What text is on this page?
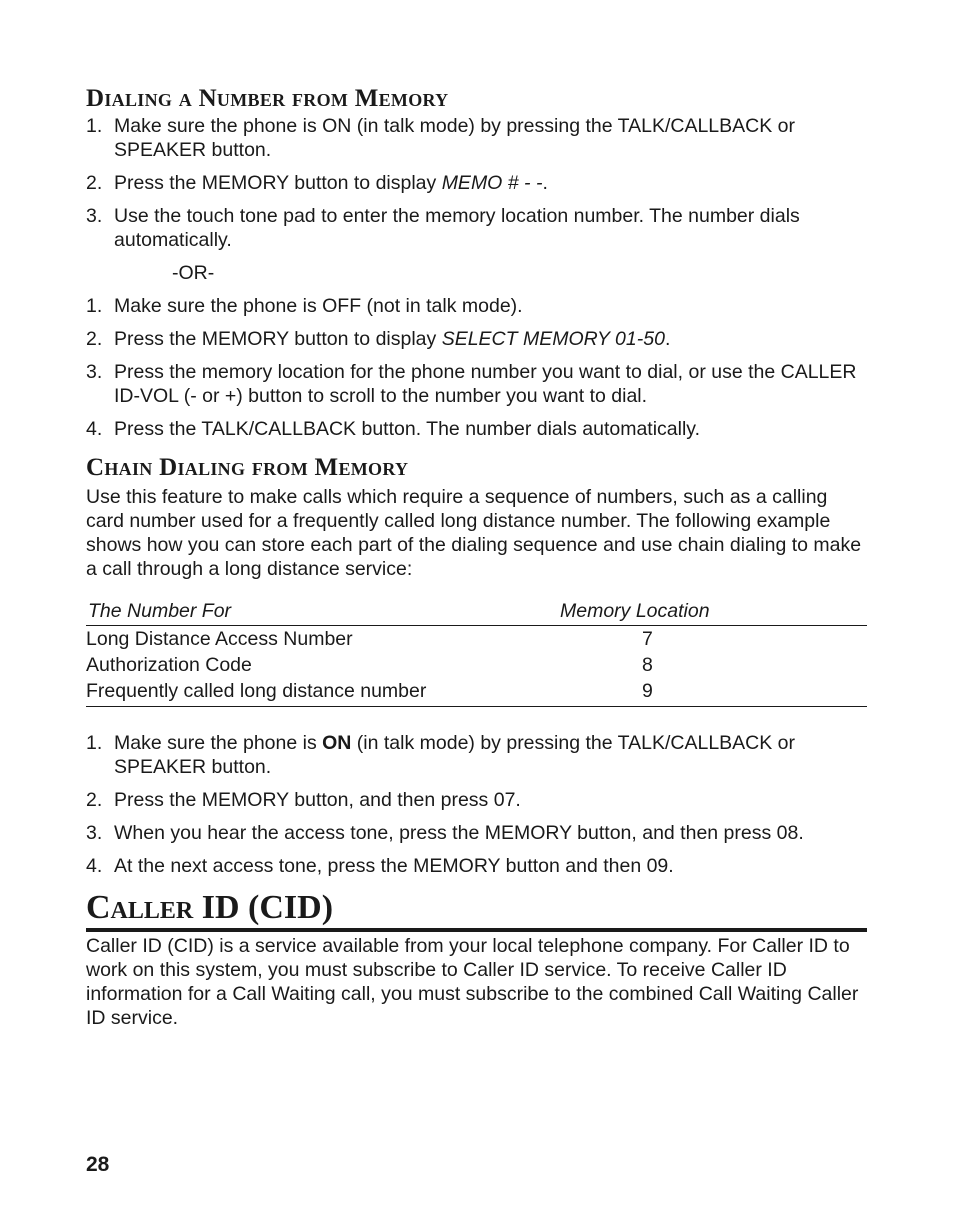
Dialing a Number from Memory
1. Make sure the phone is ON (in talk mode) by pressing the TALK/CALLBACK or SPEAKER button.
2. Press the MEMORY button to display MEMO # - -.
3. Use the touch tone pad to enter the memory location number. The number dials automatically.
-OR-
1. Make sure the phone is OFF (not in talk mode).
2. Press the MEMORY button to display SELECT MEMORY 01-50.
3. Press the memory location for the phone number you want to dial, or use the CALLER ID-VOL (- or +) button to scroll to the number you want to dial.
4. Press the TALK/CALLBACK button. The number dials automatically.
Chain Dialing from Memory

Use this feature to make calls which require a sequence of numbers, such as a calling card number used for a frequently called long distance number. The following example shows how you can store each part of the dialing sequence and use chain dialing to make a call through a long distance service:

The Number For	Memory Location
Long Distance Access Number	7
Authorization Code	8
Frequently called long distance number	9
1. Make sure the phone is ON (in talk mode) by pressing the TALK/CALLBACK or SPEAKER button.
2. Press the MEMORY button, and then press 07.
3. When you hear the access tone, press the MEMORY button, and then press 08.
4. At the next access tone, press the MEMORY button and then 09.
Caller ID (CID)

Caller ID (CID) is a service available from your local telephone company. For Caller ID to work on this system, you must subscribe to Caller ID service. To receive Caller ID information for a Call Waiting call, you must subscribe to the combined Call Waiting Caller ID service.

28
